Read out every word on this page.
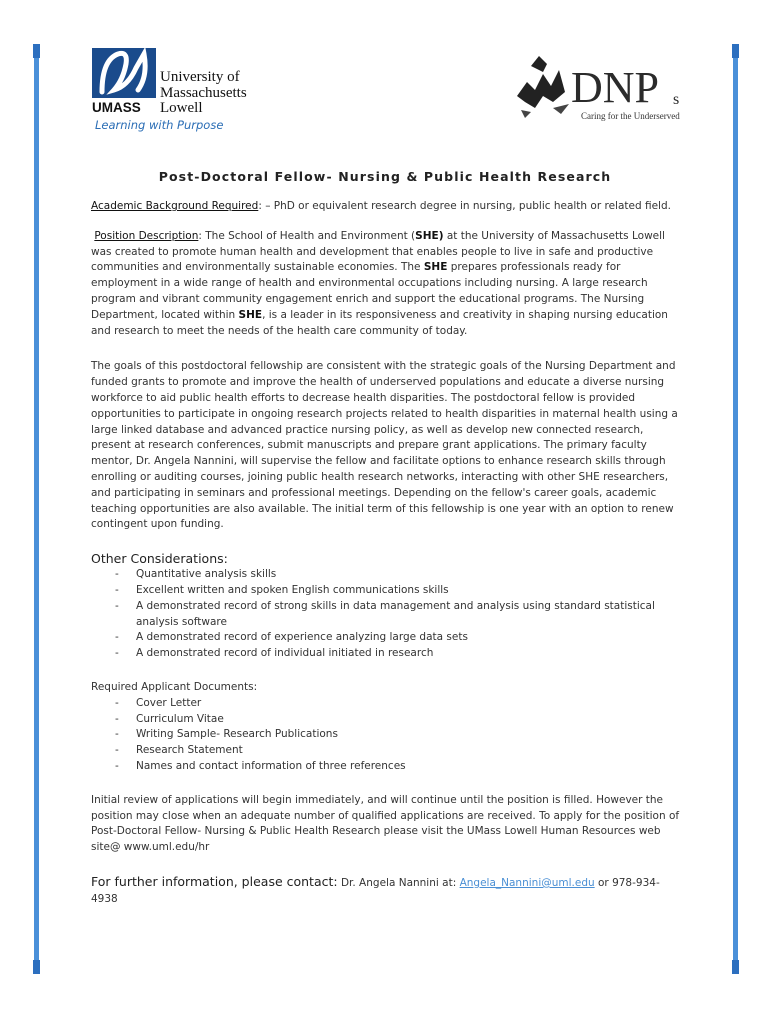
UMASS
University of
Massachusetts
Lowell
Learning with Purpose
DNP s
Caring for the Underserved
Post-Doctoral Fellow- Nursing & Public Health Research

Academic Background Required: – PhD or equivalent research degree in nursing, public health or related field.

Position Description: The School of Health and Environment (SHE) at the University of Massachusetts Lowell was created to promote human health and development that enables people to live in safe and productive communities and environmentally sustainable economies. The SHE prepares professionals ready for employment in a wide range of health and environmental occupations including nursing. A large research program and vibrant community engagement enrich and support the educational programs. The Nursing Department, located within SHE, is a leader in its responsiveness and creativity in shaping nursing education and research to meet the needs of the health care community of today.

The goals of this postdoctoral fellowship are consistent with the strategic goals of the Nursing Department and funded grants to promote and improve the health of underserved populations and educate a diverse nursing workforce to aid public health efforts to decrease health disparities. The postdoctoral fellow is provided opportunities to participate in ongoing research projects related to health disparities in maternal health using a large linked database and advanced practice nursing policy, as well as develop new connected research, present at research conferences, submit manuscripts and prepare grant applications. The primary faculty mentor, Dr. Angela Nannini, will supervise the fellow and facilitate options to enhance research skills through enrolling or auditing courses, joining public health research networks, interacting with other SHE researchers, and participating in seminars and professional meetings. Depending on the fellow's career goals, academic teaching opportunities are also available. The initial term of this fellowship is one year with an option to renew contingent upon funding.

Other Considerations:
- Quantitative analysis skills
- Excellent written and spoken English communications skills
- A demonstrated record of strong skills in data management and analysis using standard statistical analysis software
- A demonstrated record of experience analyzing large data sets
- A demonstrated record of individual initiated in research
Required Applicant Documents:
- Cover Letter
- Curriculum Vitae
- Writing Sample- Research Publications
- Research Statement
- Names and contact information of three references

Initial review of applications will begin immediately, and will continue until the position is filled. However the position may close when an adequate number of qualified applications are received. To apply for the position of Post-Doctoral Fellow- Nursing & Public Health Research please visit the UMass Lowell Human Resources web site@ www.uml.edu/hr

For further information, please contact: Dr. Angela Nannini at: Angela_Nannini@uml.edu or 978-934-4938
